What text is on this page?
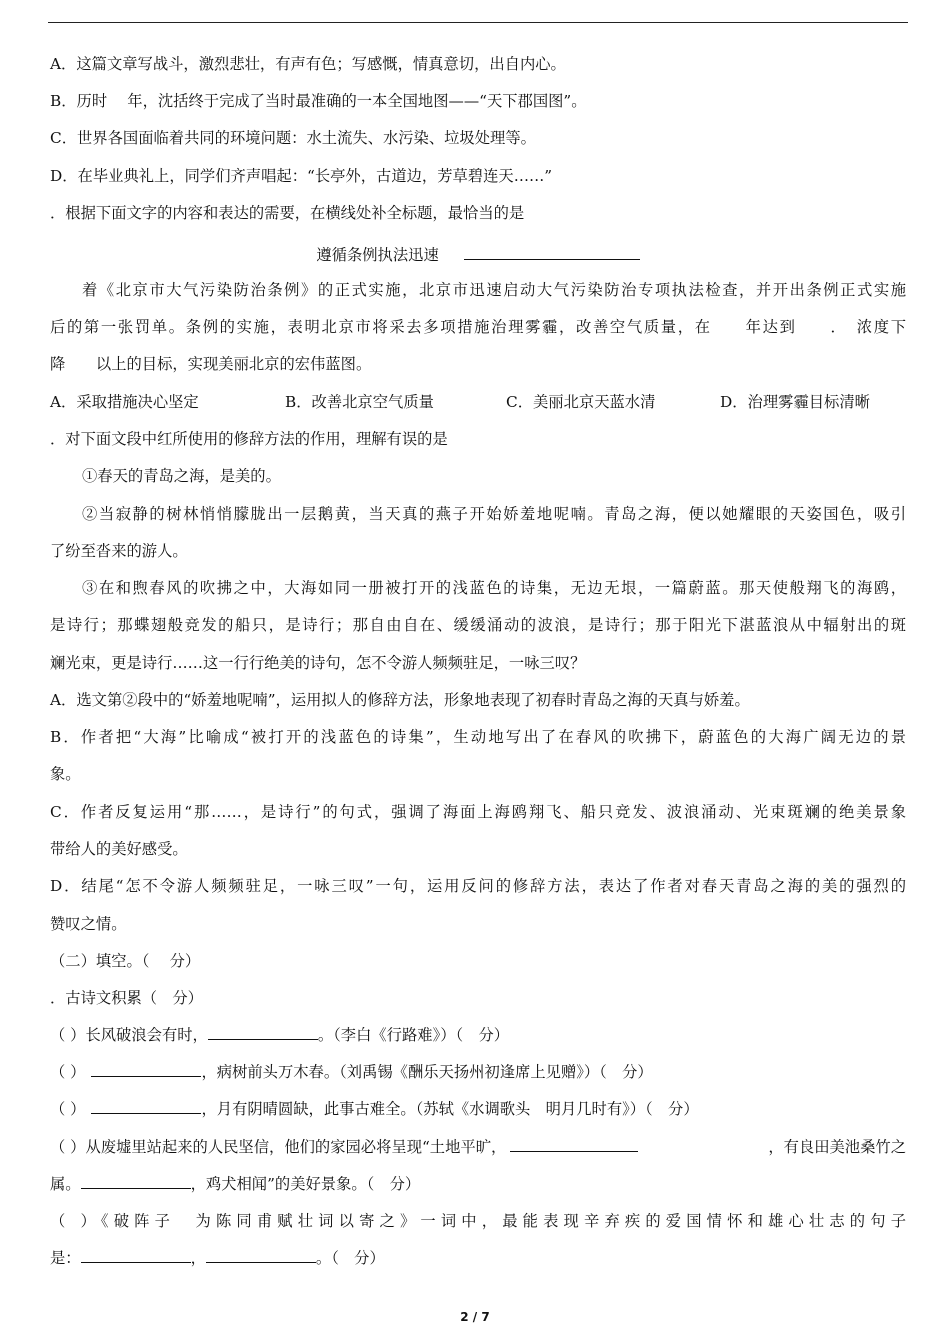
A．这篇文章写战斗，激烈悲壮，有声有色；写感慨，情真意切，出自内心。
B．历时　 年，沈括终于完成了当时最准确的一本全国地图——“天下郡国图”。
C．世界各国面临着共同的环境问题：水土流失、水污染、垃圾处理等。
D．在毕业典礼上，同学们齐声唱起：“长亭外，古道边，芳草碧连天……”
．根据下面文字的内容和表达的需要，在横线处补全标题，最恰当的是
遵循条例执法迅速
着《北京市大气污染防治条例》的正式实施，北京市迅速启动大气污染防治专项执法检查，并开出条例正式实施
后的第一张罚单。条例的实施，表明北京市将采去多项措施治理雾霾，改善空气质量，在　　年达到　　．　浓度下
降　　以上的目标，实现美丽北京的宏伟蓝图。
A．采取措施决心坚定	B．改善北京空气质量	C．美丽北京天蓝水清	D．治理雾霾目标清晰
．对下面文段中红所使用的修辞方法的作用，理解有误的是
①春天的青岛之海，是美的。
②当寂静的树林悄悄朦胧出一层鹅黄，当天真的燕子开始娇羞地呢喃。青岛之海，便以她耀眼的天姿国色，吸引
了纷至沓来的游人。
③在和煦春风的吹拂之中，大海如同一册被打开的浅蓝色的诗集，无边无垠，一篇蔚蓝。那天使般翔飞的海鸥，
是诗行；那蝶翅般竞发的船只，是诗行；那自由自在、缓缓涌动的波浪，是诗行；那于阳光下湛蓝浪从中辐射出的斑
斓光束，更是诗行……这一行行绝美的诗句，怎不令游人频频驻足，一咏三叹？
A．选文第②段中的“娇羞地呢喃”，运用拟人的修辞方法，形象地表现了初春时青岛之海的天真与娇羞。
B．作者把“大海”比喻成“被打开的浅蓝色的诗集”，生动地写出了在春风的吹拂下，蔚蓝色的大海广阔无边的景
象。
C．作者反复运用“那……，是诗行”的句式，强调了海面上海鸥翔飞、船只竞发、波浪涌动、光束斑斓的绝美景象
带给人的美好感受。
D．结尾“怎不令游人频频驻足，一咏三叹”一句，运用反问的修辞方法，表达了作者对春天青岛之海的美的强烈的
赞叹之情。
（二）填空。（　 分）
．古诗文积累（　分）
（ ）长风破浪会有时，	。（李白《行路难》）（　分）
（ ）	，病树前头万木春。（刘禹锡《酬乐天扬州初逢席上见赠》）（　分）
（ ）	，月有阴晴圆缺，此事古难全。（苏轼《水调歌头　明月几时有》）（　分）
（ ）从废墟里站起来的人民坚信，他们的家园必将呈现“土地平旷，	，有良田美池桑竹之
属。	，鸡犬相闻”的美好景象。（　分）
（ ）《破阵子　为陈同甫赋壮词以寄之》一词中，最能表现辛弃疾的爱国情怀和雄心壮志的句子
是：	，	。（　分）
2 / 7
